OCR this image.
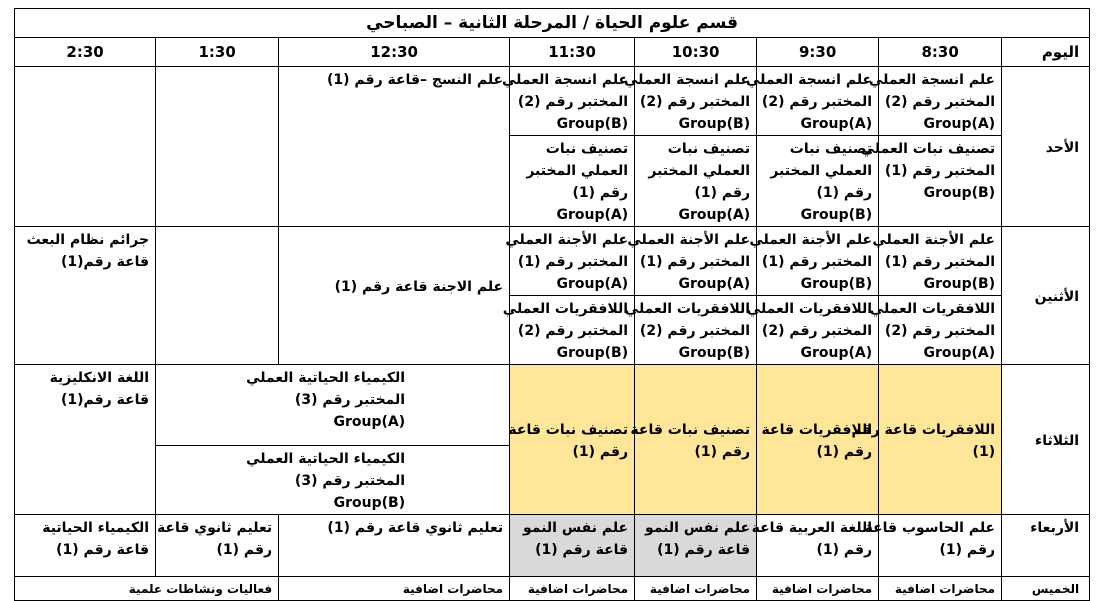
قسم علوم الحياة / المرحلة الثانية – الصباحي							
اليوم	8:30	9:30	10:30	11:30	12:30	1:30	2:30
الأحد	علم انسجة العملي
المختبر رقم (2)
Group(A)	علم انسجة العملي
المختبر رقم (2)
Group(A)	علم انسجة العملي
المختبر رقم (2)
Group(B)	علم انسجة العملي
المختبر رقم (2)
Group(B)	علم النسج –قاعة رقم (1)		

	تصنيف نبات العملي
المختبر رقم (1)
Group(B)	تصنيف نبات
العملي المختبر
رقم (1)
Group(B)	تصنيف نبات
العملي المختبر
رقم (1)
Group(A)	تصنيف نبات
العملي المختبر
رقم (1)
Group(A)			

الأثنين	علم الأجنة العملي
المختبر رقم (1)
Group(B)	علم الأجنة العملي
المختبر رقم (1)
Group(B)	علم الأجنة العملي
المختبر رقم (1)
Group(A)	علم الأجنة العملي
المختبر رقم (1)
Group(A)	علم الاجنة قاعة رقم (1)		جرائم نظام البعث
قاعة رقم(1)

	اللافقريات العملي
المختبر رقم (2)
Group(A)	اللافقريات العملي
المختبر رقم (2)
Group(A)	اللافقريات العملي
المختبر رقم (2)
Group(B)	اللافقريات العملي
المختبر رقم (2)
Group(B)			

الثلاثاء	اللافقريات قاعة رقم
(1)	اللافقريات قاعة
رقم (1)	تصنيف نبات قاعة
رقم (1)	تصنيف نبات قاعة
رقم (1)	الكيمياء الحياتية العملي
المختبر رقم (3)
Group(A)		اللغة الانكليزية
قاعة رقم(1)

					الكيمياء الحياتية العملي
المختبر رقم (3)
Group(B)		

الأربعاء	علم الحاسوب قاعة
رقم (1)	اللغة العربية قاعة
رقم (1)	علم نفس النمو
قاعة رقم (1)	علم نفس النمو
قاعة رقم (1)	تعليم ثانوي قاعة رقم (1)	تعليم ثانوي قاعة
رقم (1)	الكيمياء الحياتية
قاعة رقم (1)

الخميس	محاضرات اضافية	محاضرات اضافية	محاضرات اضافية	محاضرات اضافية	محاضرات اضافية	فعاليات ونشاطات علمية	
